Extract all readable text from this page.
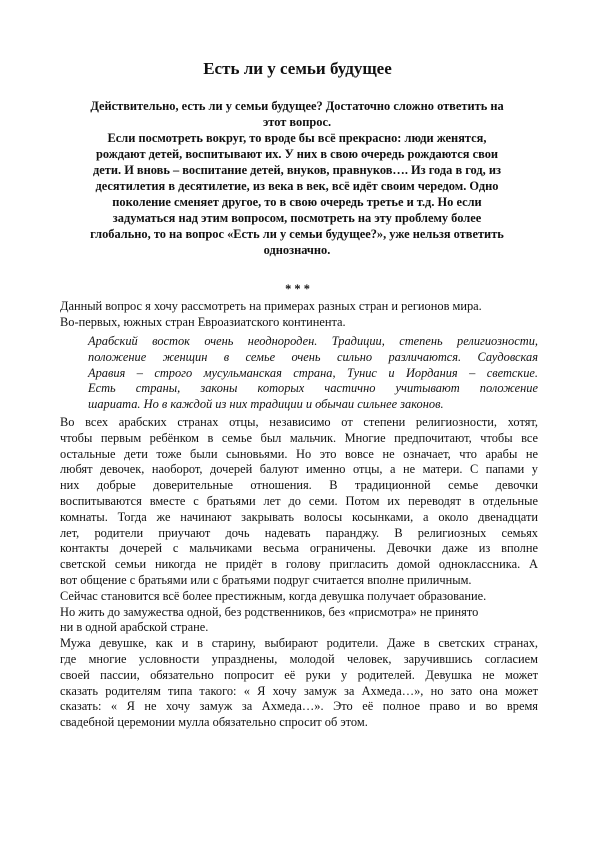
Есть ли у семьи будущее

Действительно, есть ли у семьи будущее? Достаточно сложно ответить на

этот вопрос.

Если посмотреть вокруг, то вроде бы всё прекрасно: люди женятся,

рождают детей, воспитывают их. У них в свою очередь рождаются свои

дети. И вновь – воспитание детей, внуков, правнуков…. Из года в год, из

десятилетия в десятилетие, из века в век, всё идёт своим чередом. Одно

поколение сменяет другое, то в свою очередь третье и т.д. Но если

задуматься над этим вопросом, посмотреть на эту проблему более

глобально, то на вопрос «Есть ли у семьи будущее?», уже нельзя ответить

однозначно.

* * *
Данный вопрос я хочу рассмотреть на примерах разных стран и регионов мира.
Во-первых, южных стран Евроазиатского континента.
Арабский восток очень неоднороден. Традиции, степень религиозности,
положение женщин в семье очень сильно различаются. Саудовская
Аравия – строго мусульманская страна, Тунис и Иордания – светские.
Есть страны, законы которых частично учитывают положение
шариата. Но в каждой из них традиции и обычаи сильнее законов.
Во всех арабских странах отцы, независимо от степени религиозности, хотят,
чтобы первым ребёнком в семье был мальчик. Многие предпочитают, чтобы все
остальные дети тоже были сыновьями. Но это вовсе не означает, что арабы не
любят девочек, наоборот, дочерей балуют именно отцы, а не матери. С папами у
них добрые доверительные отношения. В традиционной семье девочки
воспитываются вместе с братьями лет до семи. Потом их переводят в отдельные
комнаты. Тогда же начинают закрывать волосы косынками, а около двенадцати
лет, родители приучают дочь надевать паранджу. В религиозных семьях
контакты дочерей с мальчиками весьма ограничены. Девочки даже из вполне
светской семьи никогда не придёт в голову пригласить домой одноклассника. А
вот общение с братьями или с братьями подруг считается вполне приличным.
Сейчас становится всё более престижным, когда девушка получает образование.
Но жить до замужества одной, без родственников, без «присмотра» не принято
ни в одной арабской стране.
Мужа девушке, как и в старину, выбирают родители. Даже в светских странах,
где многие условности упразднены, молодой человек, заручившись согласием
своей пассии, обязательно попросит её руки у родителей. Девушка не может
сказать родителям типа такого: « Я хочу замуж за Ахмеда…», но зато она может
сказать: « Я не хочу замуж за Ахмеда…». Это её полное право и во время
свадебной церемонии мулла обязательно спросит об этом.
